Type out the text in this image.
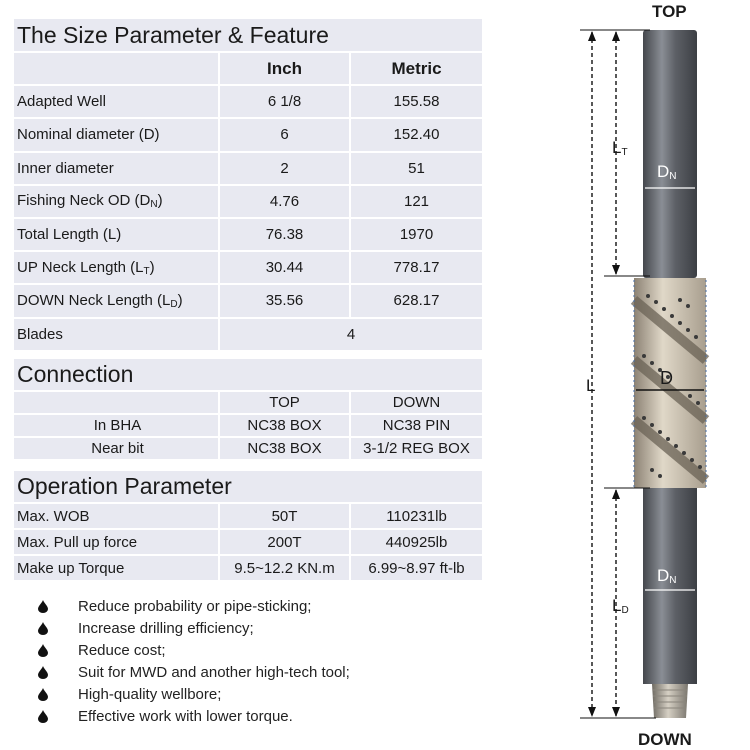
The Size Parameter & Feature		
	Inch	Metric
Adapted Well	6 1/8	155.58
Nominal diameter (D)	6	152.40
Inner diameter	2	51
Fishing Neck OD $(D_N)$	4.76	121
Total Length (L)	76.38	1970
UP Neck Length $(L_T)$	30.44	778.17
DOWN Neck Length $(L_D)$	35.56	628.17
Blades	4	
Connection		
	TOP	DOWN
In BHA	NC38 BOX	NC38 PIN
Near bit	NC38 BOX	3-1/2 REG BOX
Operation Parameter		
Max. WOB	50T	110231lb
Max. Pull up force	200T	440925lb
Make up Torque	9.5~12.2 KN.m	6.99~8.97 ft-lb
Reduce probability or pipe-sticking;
Increase drilling efficiency;
Reduce cost;
Suit for MWD and another high-tech tool;
High-quality wellbore;
Effective work with lower torque.
TOP
$L_T$
$D_N$
L	D
$D_N$
$L_D$
DOWN
